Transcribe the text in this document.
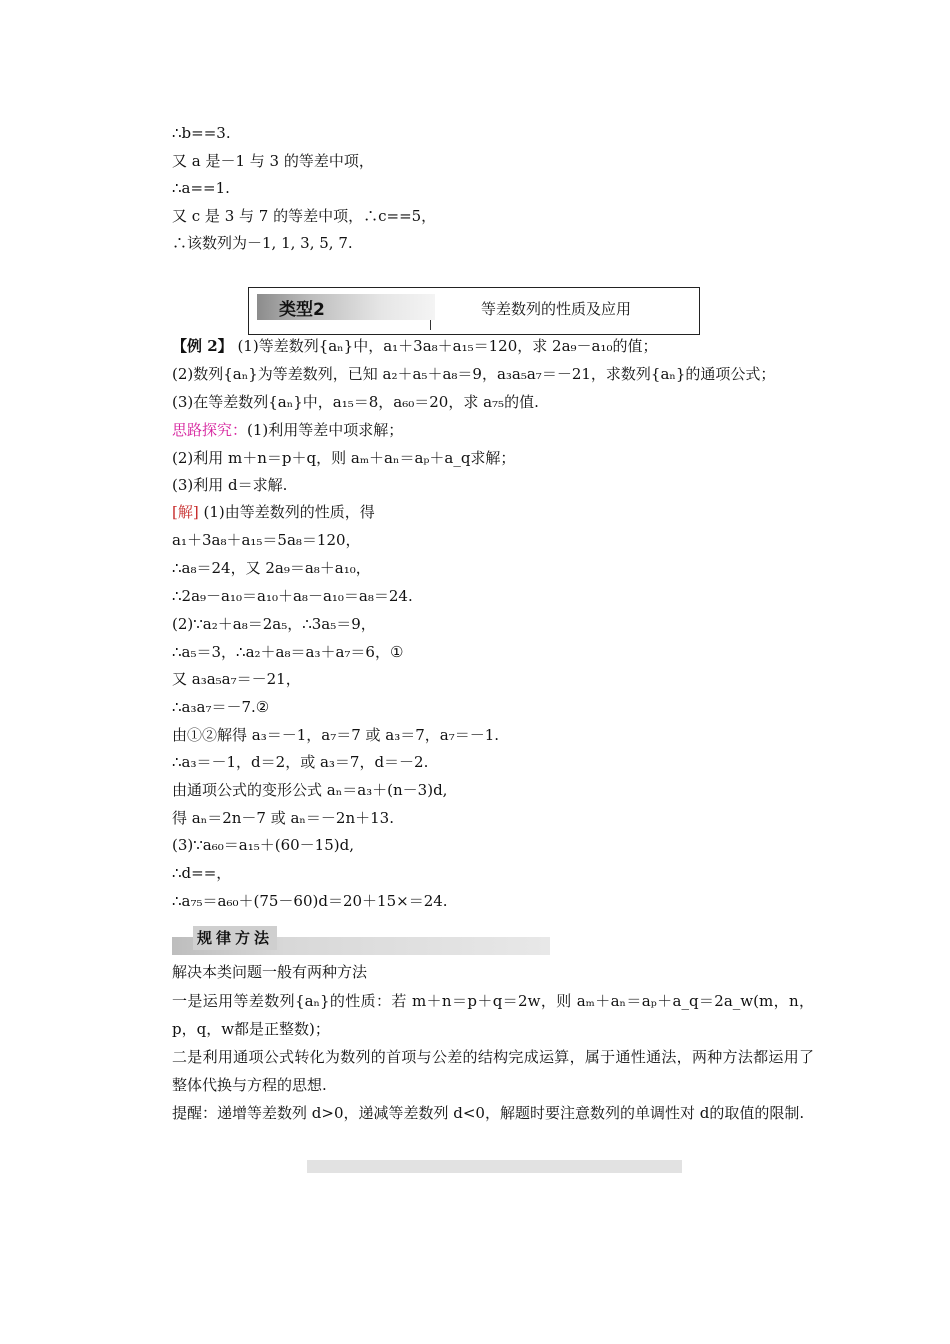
∴b==3.
又 a 是－1 与 3 的等差中项，
∴a==1.
又 c 是 3 与 7 的等差中项，∴c==5，
∴该数列为－1, 1, 3, 5, 7.
类型2	等差数列的性质及应用
【例 2】 (1)等差数列{aₙ}中，a₁＋3a₈＋a₁₅＝120，求 2a₉－a₁₀的值；
(2)数列{aₙ}为等差数列，已知 a₂＋a₅＋a₈＝9，a₃a₅a₇＝－21，求数列{aₙ}的通项公式；
(3)在等差数列{aₙ}中，a₁₅＝8，a₆₀＝20，求 a₇₅的值.
思路探究：(1)利用等差中项求解；
(2)利用 m＋n＝p＋q，则 aₘ＋aₙ＝aₚ＋a_q求解；
(3)利用 d＝求解.
[解] (1)由等差数列的性质，得
a₁＋3a₈＋a₁₅＝5a₈＝120，
∴a₈＝24，又 2a₉＝a₈＋a₁₀，
∴2a₉－a₁₀＝a₁₀＋a₈－a₁₀＝a₈＝24.
(2)∵a₂＋a₈＝2a₅，∴3a₅＝9，
∴a₅＝3，∴a₂＋a₈＝a₃＋a₇＝6，①
又 a₃a₅a₇＝－21，
∴a₃a₇＝－7.②
由①②解得 a₃＝－1，a₇＝7 或 a₃＝7，a₇＝－1.
∴a₃＝－1，d＝2，或 a₃＝7，d＝－2.
由通项公式的变形公式 aₙ＝a₃＋(n－3)d,
得 aₙ＝2n－7 或 aₙ＝－2n＋13.
(3)∵a₆₀＝a₁₅＋(60－15)d,
∴d==，
∴a₇₅＝a₆₀＋(75－60)d＝20＋15×＝24.
规律方法
解决本类问题一般有两种方法
一是运用等差数列{aₙ}的性质：若 m＋n＝p＋q＝2w，则 aₘ＋aₙ＝aₚ＋a_q＝2a_w(m，n，p，q，w都是正整数)；
二是利用通项公式转化为数列的首项与公差的结构完成运算，属于通性通法，两种方法都运用了整体代换与方程的思想.
提醒：递增等差数列 d>0，递减等差数列 d<0，解题时要注意数列的单调性对 d的取值的限制.
